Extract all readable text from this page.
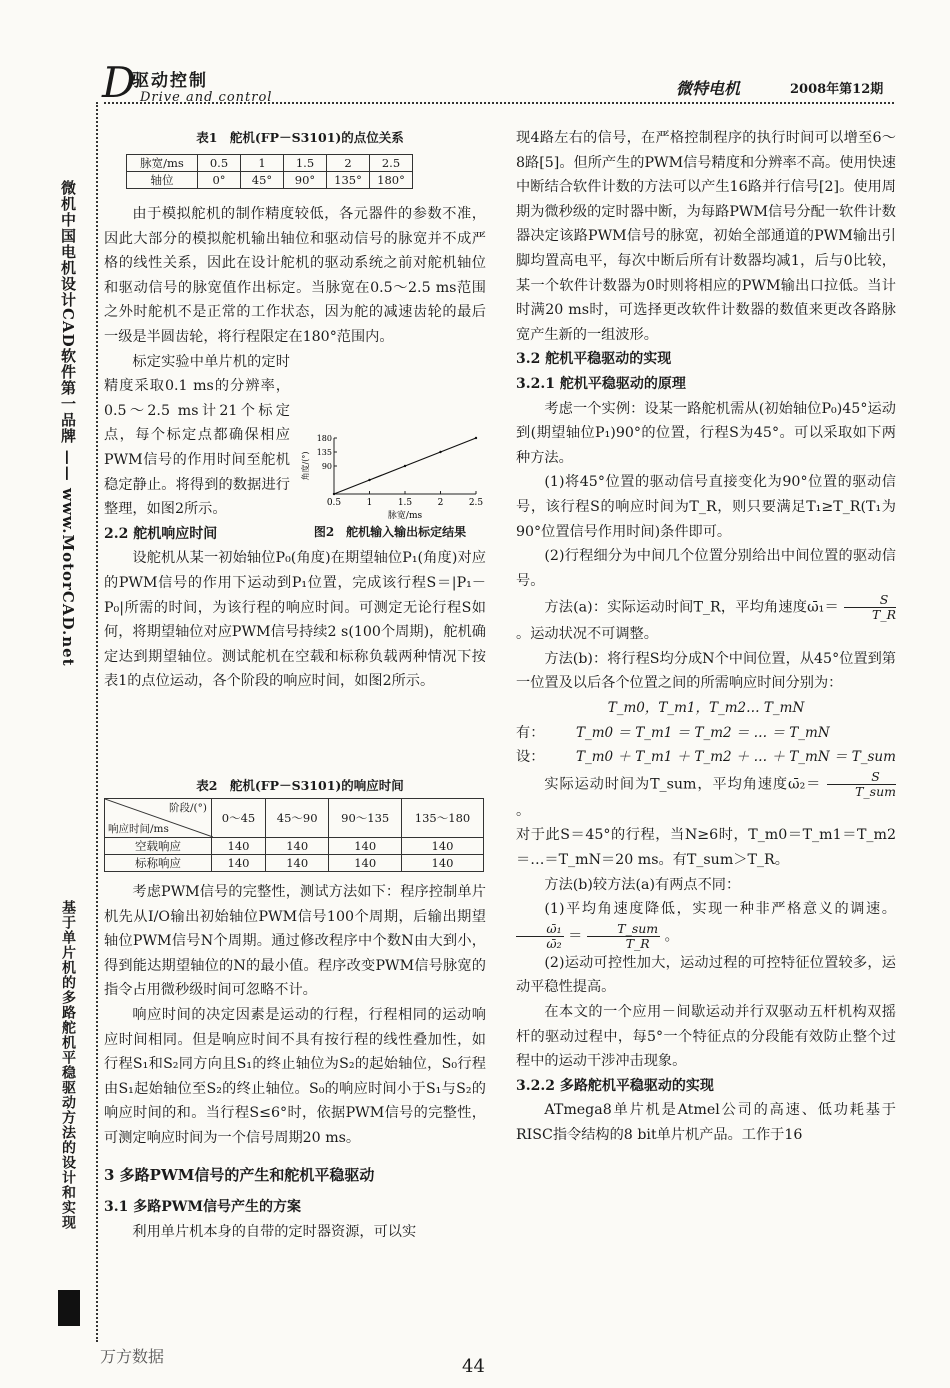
D
驱动控制
Drive and control	微特电机	2008年第12期
微机中国电机设计CAD软件第一品牌 —— www.MotorCAD.net
基于单片机的多路舵机平稳驱动方法的设计和实现
表1　舵机(FP－S3101)的点位关系
脉宽/ms	0.5	1	1.5	2	2.5
轴位	0°	45°	90°	135°	180°

由于模拟舵机的制作精度较低，各元器件的参数不准，因此大部分的模拟舵机输出轴位和驱动信号的脉宽并不成严格的线性关系，因此在设计舵机的驱动系统之前对舵机轴位和驱动信号的脉宽值作出标定。当脉宽在0.5～2.5 ms范围之外时舵机不是正常的工作状态，因为舵的减速齿轮的最后一级是半圆齿轮，将行程限定在180°范围内。

标定实验中单片机的定时精度采取0.1 ms的分辨率，0.5～2.5 ms计21个标定点，每个标定点都确保相应PWM信号的作用时间至舵机稳定静止。将得到的数据进行整理，如图2所示。

2.2 舵机响应时间

设舵机从某一初始轴位P₀(角度)在期望轴位P₁(角度)对应的PWM信号的作用下运动到P₁位置，完成该行程S＝|P₁－P₀|所需的时间，为该行程的响应时间。可测定无论行程S如何，将期望轴位对应PWM信号持续2 s(100个周期)，舵机确定达到期望轴位。测试舵机在空载和标称负载两种情况下按表1的点位运动，各个阶段的响应时间，如图2所示。

0.5	1	1.5	2	2.5
90
135
180
脉宽/ms
角度/(°)
图2　舵机输入输出标定结果
表2　舵机(FP－S3101)的响应时间
阶段/(°)
响应时间/ms	0～45	45～90	90～135	135～180
空载响应	140	140	140	140
标称响应	140	140	140	140

考虑PWM信号的完整性，测试方法如下：程序控制单片机先从I/O输出初始轴位PWM信号100个周期，后输出期望轴位PWM信号N个周期。通过修改程序中个数N由大到小，得到能达期望轴位的N的最小值。程序改变PWM信号脉宽的指令占用微秒级时间可忽略不计。

响应时间的决定因素是运动的行程，行程相同的运动响应时间相同。但是响应时间不具有按行程的线性叠加性，如行程S₁和S₂同方向且S₁的终止轴位为S₂的起始轴位，S₀行程由S₁起始轴位至S₂的终止轴位。S₀的响应时间小于S₁与S₂的响应时间的和。当行程S≤6°时，依据PWM信号的完整性，可测定响应时间为一个信号周期20 ms。

3 多路PWM信号的产生和舵机平稳驱动

3.1 多路PWM信号产生的方案

利用单片机本身的自带的定时器资源，可以实

现4路左右的信号，在严格控制程序的执行时间可以增至6～8路[5]。但所产生的PWM信号精度和分辨率不高。使用快速中断结合软件计数的方法可以产生16路并行信号[2]。使用周期为微秒级的定时器中断，为每路PWM信号分配一软件计数器决定该路PWM信号的脉宽，初始全部通道的PWM输出引脚均置高电平，每次中断后所有计数器均减1，后与0比较，某一个软件计数器为0时则将相应的PWM输出口拉低。当计时满20 ms时，可选择更改软件计数器的数值来更改各路脉宽产生新的一组波形。

3.2 舵机平稳驱动的实现

3.2.1 舵机平稳驱动的原理

考虑一个实例：设某一路舵机需从(初始轴位P₀)45°运动到(期望轴位P₁)90°的位置，行程S为45°。可以采取如下两种方法。

(1)将45°位置的驱动信号直接变化为90°位置的驱动信号，该行程S的响应时间为T_R，则只要满足T₁≥T_R(T₁为90°位置信号作用时间)条件即可。

(2)行程细分为中间几个位置分别给出中间位置的驱动信号。

方法(a)：实际运动时间T_R，平均角速度ω̄₁＝ $\frac{S}{T\_R}$
。运动状况不可调整。

方法(b)：将行程S均分成N个中间位置，从45°位置到第一位置及以后各个位置之间的所需响应时间分别为：

T_m0，T_m1，T_m2… T_mN

有： T_m0 ＝ T_m1 ＝ T_m2 ＝ … ＝ T_mN

设： T_m0 ＋ T_m1 ＋ T_m2 ＋ … ＋ T_mN ＝ T_sum

实际运动时间为T_sum，平均角速度ω̄₂＝ $\frac{S}{\text{T\_sum}}$
。

对于此S＝45°的行程，当N≥6时，T_m0＝T_m1＝T_m2＝…＝T_mN＝20 ms。有T_sum＞T_R。

方法(b)较方法(a)有两点不同：

(1)平均角速度降低，实现一种非严格意义的调速。
$\frac{\text{ω̄₁}}{\text{ω̄₂}} = \frac{\text{T\_sum}}{T\_R}$ 。

(2)运动可控性加大，运动过程的可控特征位置较多，运动平稳性提高。

在本文的一个应用－间歇运动并行双驱动五杆机构双摇杆的驱动过程中，每5°一个特征点的分段能有效防止整个过程中的运动干涉冲击现象。

3.2.2 多路舵机平稳驱动的实现

ATmega8单片机是Atmel公司的高速、低功耗基于RISC指令结构的8 bit单片机产品。工作于16

万方数据	44
